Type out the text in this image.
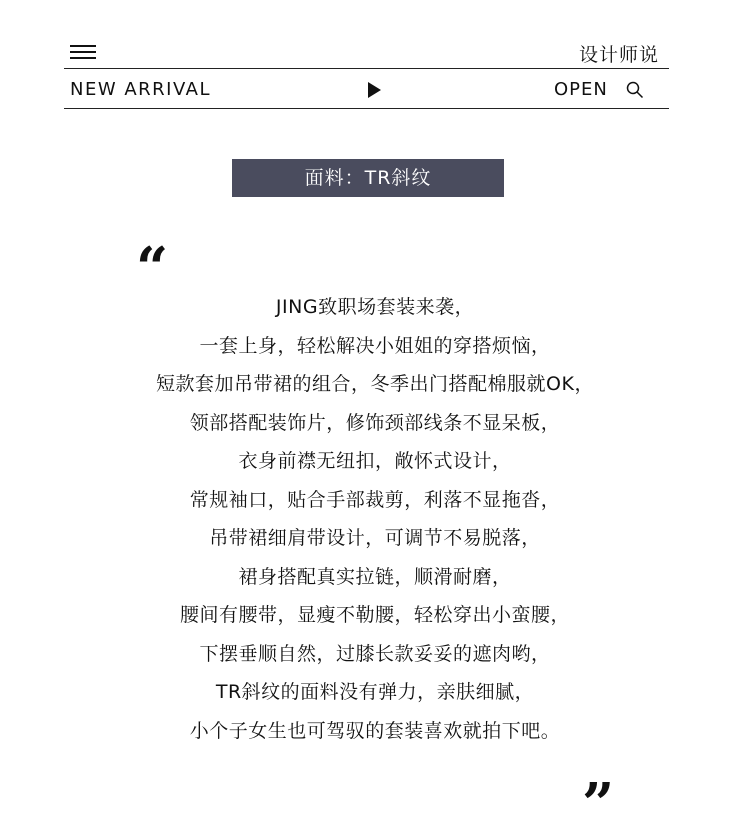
设计师说
NEW ARRIVAL	OPEN
面料：TR斜纹
“
JING致职场套装来袭，
一套上身，轻松解决小姐姐的穿搭烦恼，
短款套加吊带裙的组合，冬季出门搭配棉服就OK，
领部搭配装饰片，修饰颈部线条不显呆板，
衣身前襟无纽扣，敞怀式设计，
常规袖口，贴合手部裁剪，利落不显拖沓，
吊带裙细肩带设计，可调节不易脱落，
裙身搭配真实拉链，顺滑耐磨，
腰间有腰带，显瘦不勒腰，轻松穿出小蛮腰，
下摆垂顺自然，过膝长款妥妥的遮肉哟，
TR斜纹的面料没有弹力，亲肤细腻，
小个子女生也可驾驭的套装喜欢就拍下吧。
”
